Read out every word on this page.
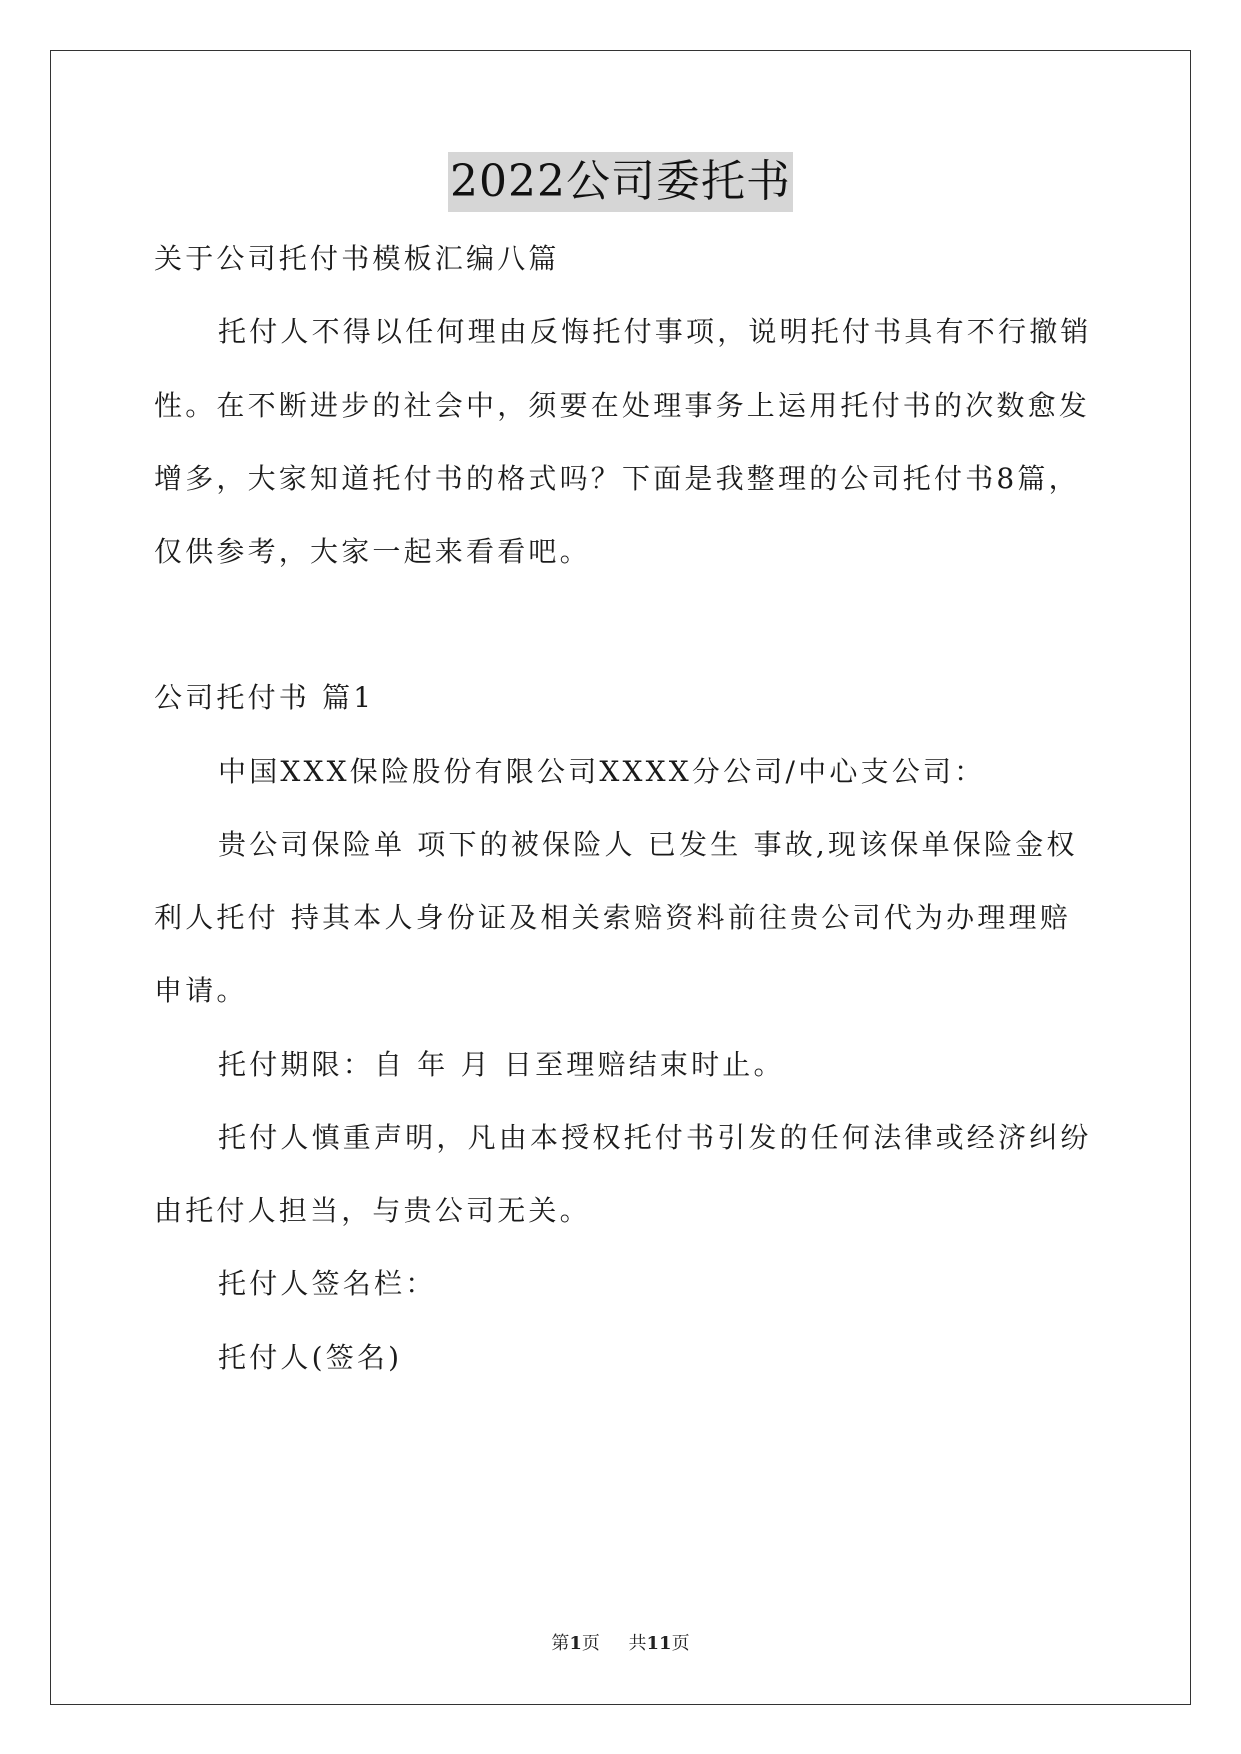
2022公司委托书
关于公司托付书模板汇编八篇
托付人不得以任何理由反悔托付事项，说明托付书具有不行撤销
性。在不断进步的社会中，须要在处理事务上运用托付书的次数愈发
增多，大家知道托付书的格式吗？下面是我整理的公司托付书8篇，
仅供参考，大家一起来看看吧。
公司托付书 篇1
中国XXX保险股份有限公司XXXX分公司/中心支公司：
贵公司保险单 项下的被保险人 已发生 事故,现该保单保险金权
利人托付 持其本人身份证及相关索赔资料前往贵公司代为办理理赔
申请。
托付期限：自 年 月 日至理赔结束时止。
托付人慎重声明，凡由本授权托付书引发的任何法律或经济纠纷
由托付人担当，与贵公司无关。
托付人签名栏：
托付人(签名)
第1页 共11页
